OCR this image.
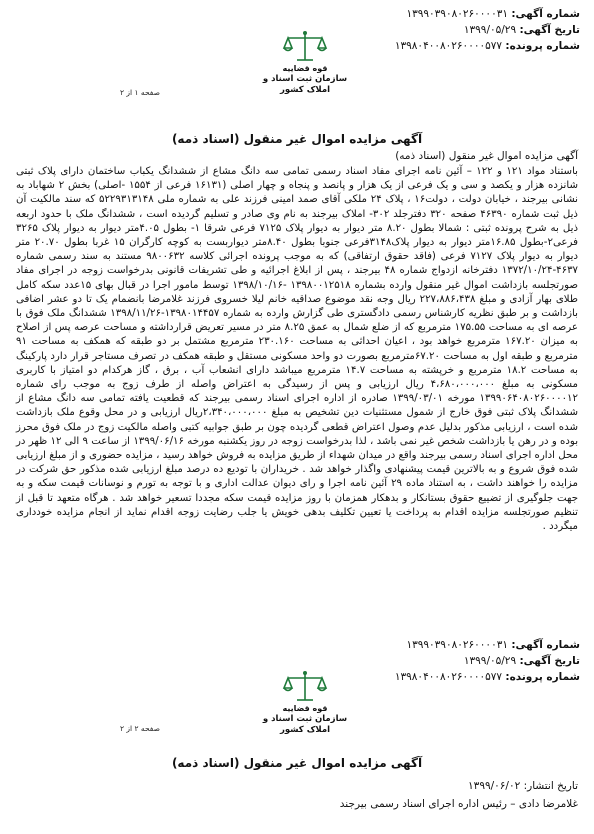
شماره آگهی: ۱۳۹۹۰۳۹۰۸۰۲۶۰۰۰۰۳۱
تاریخ آگهی: ۱۳۹۹/۰۵/۲۹
شماره پرونده: ۱۳۹۸۰۴۰۰۸۰۲۶۰۰۰۰۵۷۷
قوه قضاییه
سازمان ثبت اسناد و املاک کشور
صفحه ۱ از ۲
آگهی مزایده اموال غیر منقول (اسناد ذمه)
آگهی مزایده اموال غیر منقول (اسناد ذمه)

باستناد مواد ۱۲۱ و ۱۲۲ – آئین نامه اجرای مفاد اسناد رسمی تمامی سه دانگ مشاع از ششدانگ یکباب ساختمان دارای پلاک ثبتی شانزده هزار و یکصد و سی و یک فرعی از یک هزار و پانصد و پنجاه و چهار اصلی (۱۶۱۳۱ فرعی از ۱۵۵۴ -اصلی) بخش ۲ شهاباد به نشانی بیرجند ، خیابان دولت ، دولت۱۶ ، پلاک ۲۴ ملکی آقای صمد امینی فرزند علی به شماره ملی ۵۲۲۹۳۱۳۱۴۸ که سند مالکیت آن ذیل ثبت شماره ۴۶۳۹۰ صفحه ۳۲۰ دفترجلد ۳۰۲- املاک بیرجند به نام وی صادر و تسلیم گردیده است ، ششدانگ ملک با حدود اربعه ذیل به شرح پرونده ثبتی : شمالا بطول ۸.۲۰ متر دیوار به دیوار پلاک ۷۱۲۵ فرعی شرقا ۱- بطول ۴.۰۵متر دیوار به دیوار پلاک ۳۲۶۵ فرعی۲-بطول ۱۶.۸۵متر دیوار به دیوار پلاک۳۱۴۸فرعی جنوبا بطول ۸.۴۰متر دیواربست به کوچه کارگران ۱۵ غربا بطول ۲۰.۷۰ متر دیوار به دیوار پلاک ۷۱۲۷ فرعی (فاقد حقوق ارتفاقی) که به موجب پرونده اجرائی کلاسه ۹۸۰۰۶۳۲ مستند به سند رسمی شماره ۴۶۳۷-۱۳۷۲/۱۰/۲۴ دفترخانه ازدواج شماره ۴۸ بیرجند ، پس از ابلاغ اجرائیه و طی تشریفات قانونی بدرخواست زوجه در اجرای مفاد صورتجلسه بازداشت اموال غیر منقول وارده بشماره ۱۳۹۸۰۰۱۲۵۱۸ -۱۳۹۸/۱۰/۱۶ توسط مامور اجرا در قبال بهای ۱۵عدد سکه کامل طلای بهار آزادی و مبلغ ۲۲۷،۸۸۶،۴۳۸ ریال وجه نقد موضوع صداقیه خانم لیلا خسروی فرزند غلامرضا بانضمام یک تا دو عشر اضافی بازداشت و بر طبق نظریه کارشناس رسمی دادگستری طی گزارش وارده به شماره ۱۳۹۸۰۱۴۴۵۷-۱۳۹۸/۱۱/۲۶ ششدانگ ملک فوق با عرصه ای به مساحت ۱۷۵.۵۵ مترمربع که از ضلع شمال به عمق ۸.۲۵ متر در مسیر تعریض قرارداشته و مساحت عرصه پس از اصلاح به میزان ۱۶۷.۲۰ مترمربع خواهد بود ، اعیان احداثی به مساحت ۲۳۰.۱۶۰ مترمربع مشتمل بر دو طبقه که همکف به مساحت ۹۱ مترمربع و طبقه اول به مساحت ۶۷.۲۰مترمربع بصورت دو واحد مسکونی مستقل و طبقه همکف در تصرف مستاجر قرار دارد پارکینگ به مساحت ۱۸.۲ مترمربع و خرپشته به مساحت ۱۴.۷ مترمربع میباشد دارای انشعاب آب ، برق ، گاز هرکدام دو امتیاز با کاربری مسکونی به مبلغ ۴،۶۸۰،۰۰۰،۰۰۰ ریال ارزیابی و پس از رسیدگی به اعتراض واصله از طرف زوج به موجب رای شماره ۱۳۹۹۰۶۴۰۸۰۲۶۰۰۰۰۱۲ مورخه ۱۳۹۹/۰۳/۰۱ صادره از اداره اجرای اسناد رسمی بیرجند که قطعیت یافته تمامی سه دانگ مشاع از ششدانگ پلاک ثبتی فوق خارج از شمول مستثنیات دین تشخیص به مبلغ ۲،۳۴۰،۰۰۰،۰۰۰ریال ارزیابی و در محل وقوع ملک بازداشت شده است ، ارزیابی مذکور بدلیل عدم وصول اعتراض قطعی گردیده چون بر طبق جوابیه کتبی واصله مالکیت زوج در ملک فوق محرز بوده و در رهن یا بازداشت شخص غیر نمی باشد ، لذا بدرخواست زوجه در روز یکشنبه مورخه ۱۳۹۹/۰۶/۱۶ از ساعت ۹ الی ۱۲ ظهر در محل اداره اجرای اسناد رسمی بیرجند واقع در میدان شهداء از طریق مزایده به فروش خواهد رسید ، مزایده حضوری و از مبلغ ارزیابی شده فوق شروع و به بالاترین قیمت پیشنهادی واگذار خواهد شد . خریداران با تودیع ده درصد مبلغ ارزیابی شده مذکور حق شرکت در مزایده را خواهند داشت ، به استناد ماده ۲۹ آئین نامه اجرا و رای دیوان عدالت اداری و با توجه به تورم و نوسانات قیمت سکه و به جهت جلوگیری از تضییع حقوق بستانکار و بدهکار همزمان با روز مزایده قیمت سکه مجددا تسعیر خواهد شد . هرگاه متعهد تا قبل از تنظیم صورتجلسه مزایده اقدام به پرداخت یا تعیین تکلیف بدهی خویش یا جلب رضایت زوجه اقدام نماید از انجام مزایده خودداری میگردد .

شماره آگهی: ۱۳۹۹۰۳۹۰۸۰۲۶۰۰۰۰۳۱
تاریخ آگهی: ۱۳۹۹/۰۵/۲۹
شماره پرونده: ۱۳۹۸۰۴۰۰۸۰۲۶۰۰۰۰۵۷۷
قوه قضاییه
سازمان ثبت اسناد و املاک کشور
صفحه ۲ از ۲
آگهی مزایده اموال غیر منقول (اسناد ذمه)
تاریخ انتشار: ۱۳۹۹/۰۶/۰۲
غلامرضا دادی – رئیس اداره اجرای اسناد رسمی بیرجند
